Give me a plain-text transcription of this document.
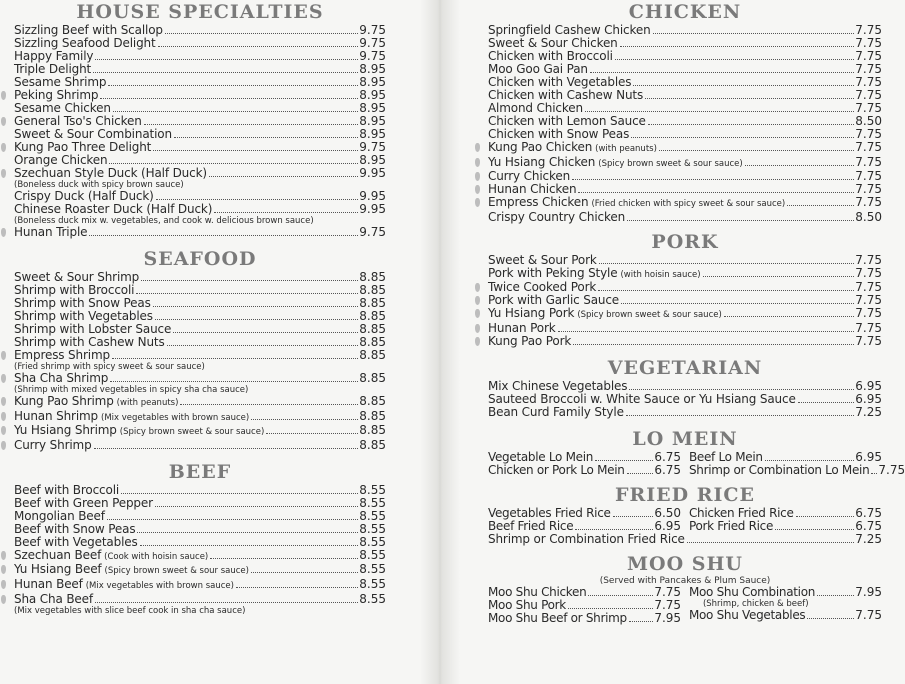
HOUSE SPECIALTIES
Sizzling Beef with Scallop	9.75
Sizzling Seafood Delight	9.75
Happy Family	9.75
Triple Delight	8.95
Sesame Shrimp	8.95
Peking Shrimp	8.95
Sesame Chicken	8.95
General Tso's Chicken	8.95
Sweet & Sour Combination	8.95
Kung Pao Three Delight	9.75
Orange Chicken	8.95
Szechuan Style Duck (Half Duck)	9.95
(Boneless duck with spicy brown sauce)
Crispy Duck (Half Duck)	9.95
Chinese Roaster Duck (Half Duck)	9.95
(Boneless duck mix w. vegetables, and cook w. delicious brown sauce)
Hunan Triple	9.75
SEAFOOD
Sweet & Sour Shrimp	8.85
Shrimp with Broccoli	8.85
Shrimp with Snow Peas	8.85
Shrimp with Vegetables	8.85
Shrimp with Lobster Sauce	8.85
Shrimp with Cashew Nuts	8.85
Empress Shrimp	8.85
(Fried shrimp with spicy sweet & sour sauce)
Sha Cha Shrimp	8.85
(Shrimp with mixed vegetables in spicy sha cha sauce)
Kung Pao Shrimp (with peanuts)	8.85
Hunan Shrimp (Mix vegetables with brown sauce)	8.85
Yu Hsiang Shrimp (Spicy brown sweet & sour sauce)	8.85
Curry Shrimp	8.85
BEEF
Beef with Broccoli	8.55
Beef with Green Pepper	8.55
Mongolian Beef	8.55
Beef with Snow Peas	8.55
Beef with Vegetables	8.55
Szechuan Beef (Cook with hoisin sauce)	8.55
Yu Hsiang Beef (Spicy brown sweet & sour sauce)	8.55
Hunan Beef (Mix vegetables with brown sauce)	8.55
Sha Cha Beef	8.55
(Mix vegetables with slice beef cook in sha cha sauce)
CHICKEN
Springfield Cashew Chicken	7.75
Sweet & Sour Chicken	7.75
Chicken with Broccoli	7.75
Moo Goo Gai Pan	7.75
Chicken with Vegetables	7.75
Chicken with Cashew Nuts	7.75
Almond Chicken	7.75
Chicken with Lemon Sauce	8.50
Chicken with Snow Peas	7.75
Kung Pao Chicken (with peanuts)	7.75
Yu Hsiang Chicken (Spicy brown sweet & sour sauce)	7.75
Curry Chicken	7.75
Hunan Chicken	7.75
Empress Chicken (Fried chicken with spicy sweet & sour sauce)	7.75
Crispy Country Chicken	8.50
PORK
Sweet & Sour Pork	7.75
Pork with Peking Style (with hoisin sauce)	7.75
Twice Cooked Pork	7.75
Pork with Garlic Sauce	7.75
Yu Hsiang Pork (Spicy brown sweet & sour sauce)	7.75
Hunan Pork	7.75
Kung Pao Pork	7.75
VEGETARIAN
Mix Chinese Vegetables	6.95
Sauteed Broccoli w. White Sauce or Yu Hsiang Sauce	6.95
Bean Curd Family Style	7.25
LO MEIN
Vegetable Lo Mein	6.75
Chicken or Pork Lo Mein 6.75
Beef Lo Mein	6.95
Shrimp or Combination Lo Mein 7.75
FRIED RICE
Vegetables Fried Rice	6.50
Beef Fried Rice	6.95
Chicken Fried Rice	6.75
Pork Fried Rice	6.75
Shrimp or Combination Fried Rice	7.25
MOO SHU
(Served with Pancakes & Plum Sauce)
Moo Shu Chicken	7.75
Moo Shu Pork	7.75
Moo Shu Beef or Shrimp 7.95
Moo Shu Combination	7.95
(Shrimp, chicken & beef)
Moo Shu Vegetables	7.75
